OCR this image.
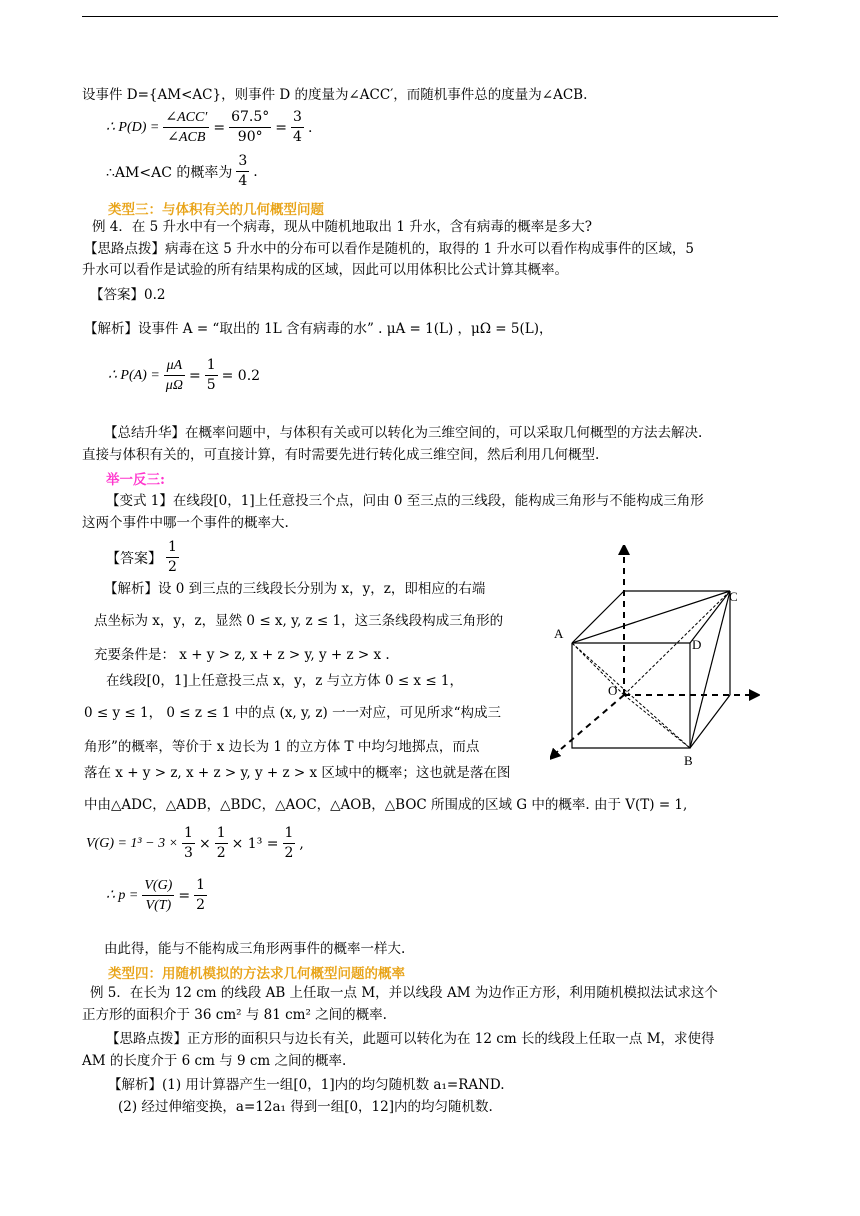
设事件 D={AM<AC}，则事件 D 的度量为∠ACC′，而随机事件总的度量为∠ACB.
∴ $P(D) = \frac{\text{∠ACC′}}{\text{∠ACB}} = \frac{67.5^\circ}{90^\circ} = \frac{3}{4}$ .
∴AM<AC 的概率为 $\frac{3}{4}$ .
类型三：与体积有关的几何概型问题
例 4．在 5 升水中有一个病毒，现从中随机地取出 1 升水，含有病毒的概率是多大?
【思路点拨】病毒在这 5 升水中的分布可以看作是随机的，取得的 1 升水可以看作构成事件的区域，5
升水可以看作是试验的所有结果构成的区域，因此可以用体积比公式计算其概率。
【答案】0.2
【解析】设事件 A = “取出的 1L 含有病毒的水” . μA = 1(L) ，μΩ = 5(L)，
∴ $P(A) = \frac{\mu A}{\mu\Omega} = \frac{1}{5} = 0.2$
【总结升华】在概率问题中，与体积有关或可以转化为三维空间的，可以采取几何概型的方法去解决.
直接与体积有关的，可直接计算，有时需要先进行转化成三维空间，然后利用几何概型.
举一反三:
【变式 1】在线段[0，1]上任意投三个点，问由 0 至三点的三线段，能构成三角形与不能构成三角形
这两个事件中哪一个事件的概率大.
【答案】 $\frac{1}{2}$
【解析】设 0 到三点的三线段长分别为 x，y，z，即相应的右端
点坐标为 x，y，z，显然 0 ≤ x, y, z ≤ 1，这三条线段构成三角形的
充要条件是： x + y > z, x + z > y, y + z > x .
在线段[0，1]上任意投三点 x，y，z 与立方体 0 ≤ x ≤ 1，
0 ≤ y ≤ 1， 0 ≤ z ≤ 1 中的点 (x, y, z) 一一对应，可见所求“构成三
角形”的概率，等价于 x 边长为 1 的立方体 T 中均匀地掷点，而点
落在 x + y > z, x + z > y, y + z > x 区域中的概率；这也就是落在图
中由△ADC，△ADB，△BDC，△AOC，△AOB，△BOC 所围成的区域 G 中的概率. 由于 V(T) = 1,
$V(G) = 1^3 - 3 \times \frac{1}{3} \times \frac{1}{2} \times 1^3 = \frac{1}{2}$ ,
∴ $p = \frac{V(G)}{V(T)} = \frac{1}{2}$
由此得，能与不能构成三角形两事件的概率一样大.
类型四：用随机模拟的方法求几何概型问题的概率
例 5．在长为 12 cm 的线段 AB 上任取一点 M，并以线段 AM 为边作正方形，利用随机模拟法试求这个
正方形的面积介于 36 cm² 与 81 cm² 之间的概率.
【思路点拨】正方形的面积只与边长有关，此题可以转化为在 12 cm 长的线段上任取一点 M，求使得
AM 的长度介于 6 cm 与 9 cm 之间的概率.
【解析】(1) 用计算器产生一组[0，1]内的均匀随机数 a₁=RAND.
(2) 经过伸缩变换，a=12a₁ 得到一组[0，12]内的均匀随机数.
A
C
D
O
B
